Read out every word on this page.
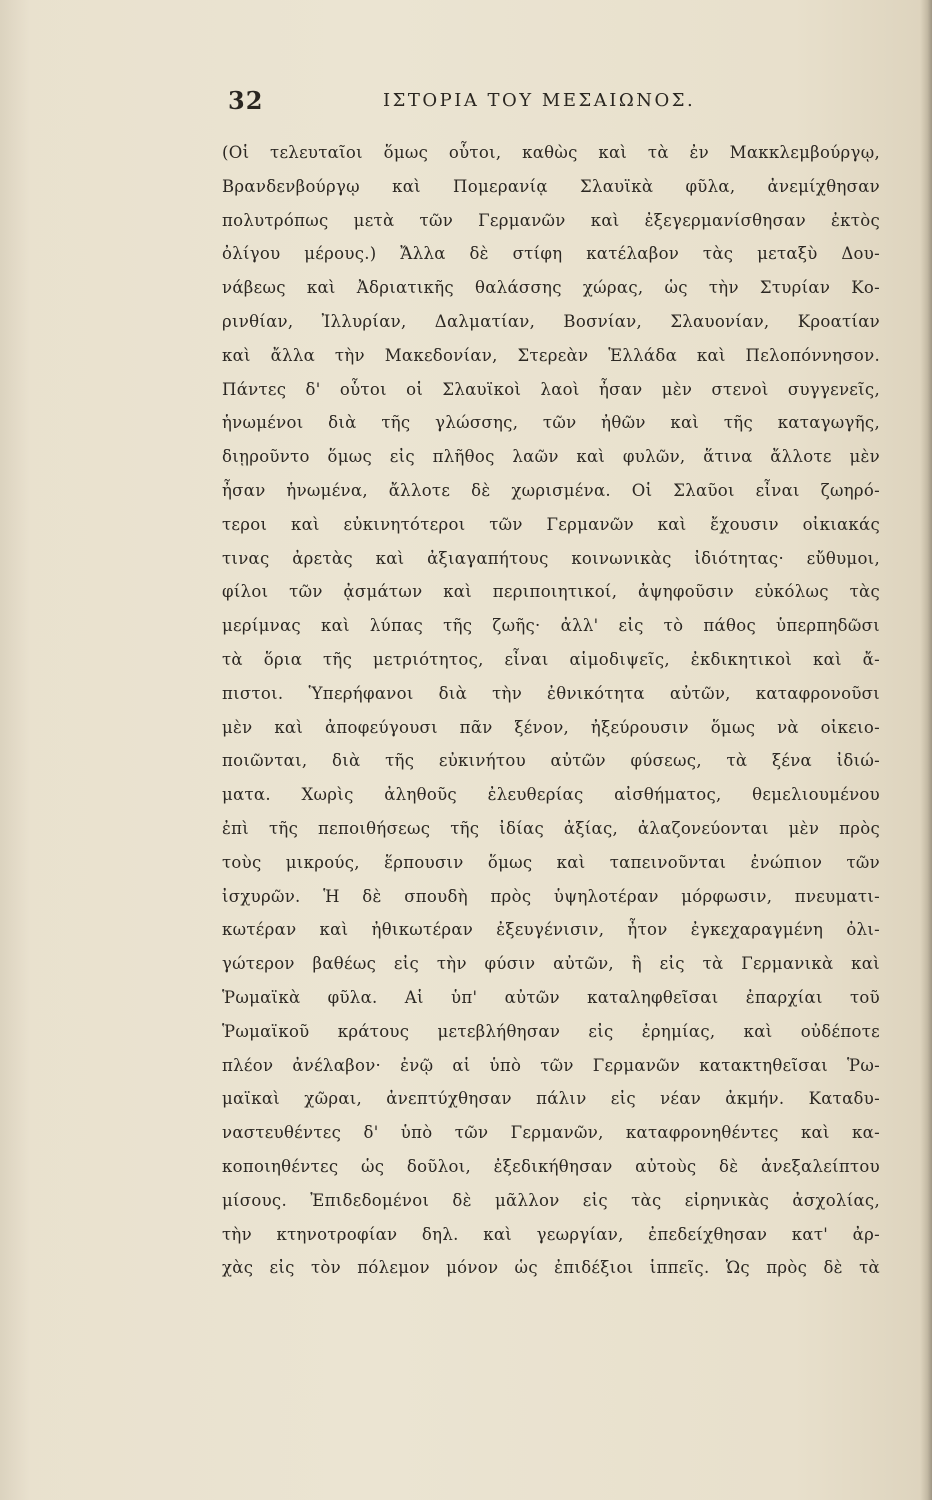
32	ΙΣΤΟΡΙΑ ΤΟΥ ΜΕΣΑΙΩΝΟΣ.
(Οἱ τελευταῖοι ὅμως οὗτοι, καθὼς καὶ τὰ ἐν Μακκλεμβούργῳ,
Βρανδενβούργῳ καὶ Πομερανίᾳ Σλαυϊκὰ φῦλα, ἀνεμίχθησαν
πολυτρόπως μετὰ τῶν Γερμανῶν καὶ ἐξεγερμανίσθησαν ἐκτὸς
ὀλίγου μέρους.) Ἄλλα δὲ στίφη κατέλαβον τὰς μεταξὺ Δου-
νάβεως καὶ Ἀδριατικῆς θαλάσσης χώρας, ὡς τὴν Στυρίαν Κο-
ρινθίαν, Ἰλλυρίαν, Δαλματίαν, Βοσνίαν, Σλαυονίαν, Κροατίαν
καὶ ἄλλα τὴν Μακεδονίαν, Στερεὰν Ἑλλάδα καὶ Πελοπόννησον.
Πάντες δ' οὗτοι οἱ Σλαυϊκοὶ λαοὶ ἦσαν μὲν στενοὶ συγγενεῖς,
ἡνωμένοι διὰ τῆς γλώσσης, τῶν ἠθῶν καὶ τῆς καταγωγῆς,
διῃροῦντο ὅμως εἰς πλῆθος λαῶν καὶ φυλῶν, ἅτινα ἄλλοτε μὲν
ἦσαν ἡνωμένα, ἄλλοτε δὲ χωρισμένα. Οἱ Σλαῦοι εἶναι ζωηρό-
τεροι καὶ εὐκινητότεροι τῶν Γερμανῶν καὶ ἔχουσιν οἰκιακάς
τινας ἀρετὰς καὶ ἀξιαγαπήτους κοινωνικὰς ἰδιότητας· εὔθυμοι,
φίλοι τῶν ᾀσμάτων καὶ περιποιητικοί, ἀψηφοῦσιν εὐκόλως τὰς
μερίμνας καὶ λύπας τῆς ζωῆς· ἀλλ' εἰς τὸ πάθος ὑπερπηδῶσι
τὰ ὅρια τῆς μετριότητος, εἶναι αἱμοδιψεῖς, ἐκδικητικοὶ καὶ ἄ-
πιστοι. Ὑπερήφανοι διὰ τὴν ἐθνικότητα αὐτῶν, καταφρονοῦσι
μὲν καὶ ἀποφεύγουσι πᾶν ξένον, ἠξεύρουσιν ὅμως νὰ οἰκειο-
ποιῶνται, διὰ τῆς εὐκινήτου αὐτῶν φύσεως, τὰ ξένα ἰδιώ-
ματα. Χωρὶς ἀληθοῦς ἐλευθερίας αἰσθήματος, θεμελιουμένου
ἐπὶ τῆς πεποιθήσεως τῆς ἰδίας ἀξίας, ἀλαζονεύονται μὲν πρὸς
τοὺς μικρούς, ἕρπουσιν ὅμως καὶ ταπεινοῦνται ἐνώπιον τῶν
ἰσχυρῶν. Ἡ δὲ σπουδὴ πρὸς ὑψηλοτέραν μόρφωσιν, πνευματι-
κωτέραν καὶ ἠθικωτέραν ἐξευγένισιν, ἦτον ἐγκεχαραγμένη ὀλι-
γώτερον βαθέως εἰς τὴν φύσιν αὐτῶν, ἢ εἰς τὰ Γερμανικὰ καὶ
Ῥωμαϊκὰ φῦλα. Αἱ ὑπ' αὐτῶν καταληφθεῖσαι ἐπαρχίαι τοῦ
Ῥωμαϊκοῦ κράτους μετεβλήθησαν εἰς ἐρημίας, καὶ οὐδέποτε
πλέον ἀνέλαβον· ἐνῷ αἱ ὑπὸ τῶν Γερμανῶν κατακτηθεῖσαι Ῥω-
μαϊκαὶ χῶραι, ἀνεπτύχθησαν πάλιν εἰς νέαν ἀκμήν. Καταδυ-
ναστευθέντες δ' ὑπὸ τῶν Γερμανῶν, καταφρονηθέντες καὶ κα-
κοποιηθέντες ὡς δοῦλοι, ἐξεδικήθησαν αὐτοὺς δὲ ἀνεξαλείπτου
μίσους. Ἐπιδεδομένοι δὲ μᾶλλον εἰς τὰς εἰρηνικὰς ἀσχολίας,
τὴν κτηνοτροφίαν δηλ. καὶ γεωργίαν, ἐπεδείχθησαν κατ' ἀρ-
χὰς εἰς τὸν πόλεμον μόνον ὡς ἐπιδέξιοι ἱππεῖς. Ὡς πρὸς δὲ τὰ
